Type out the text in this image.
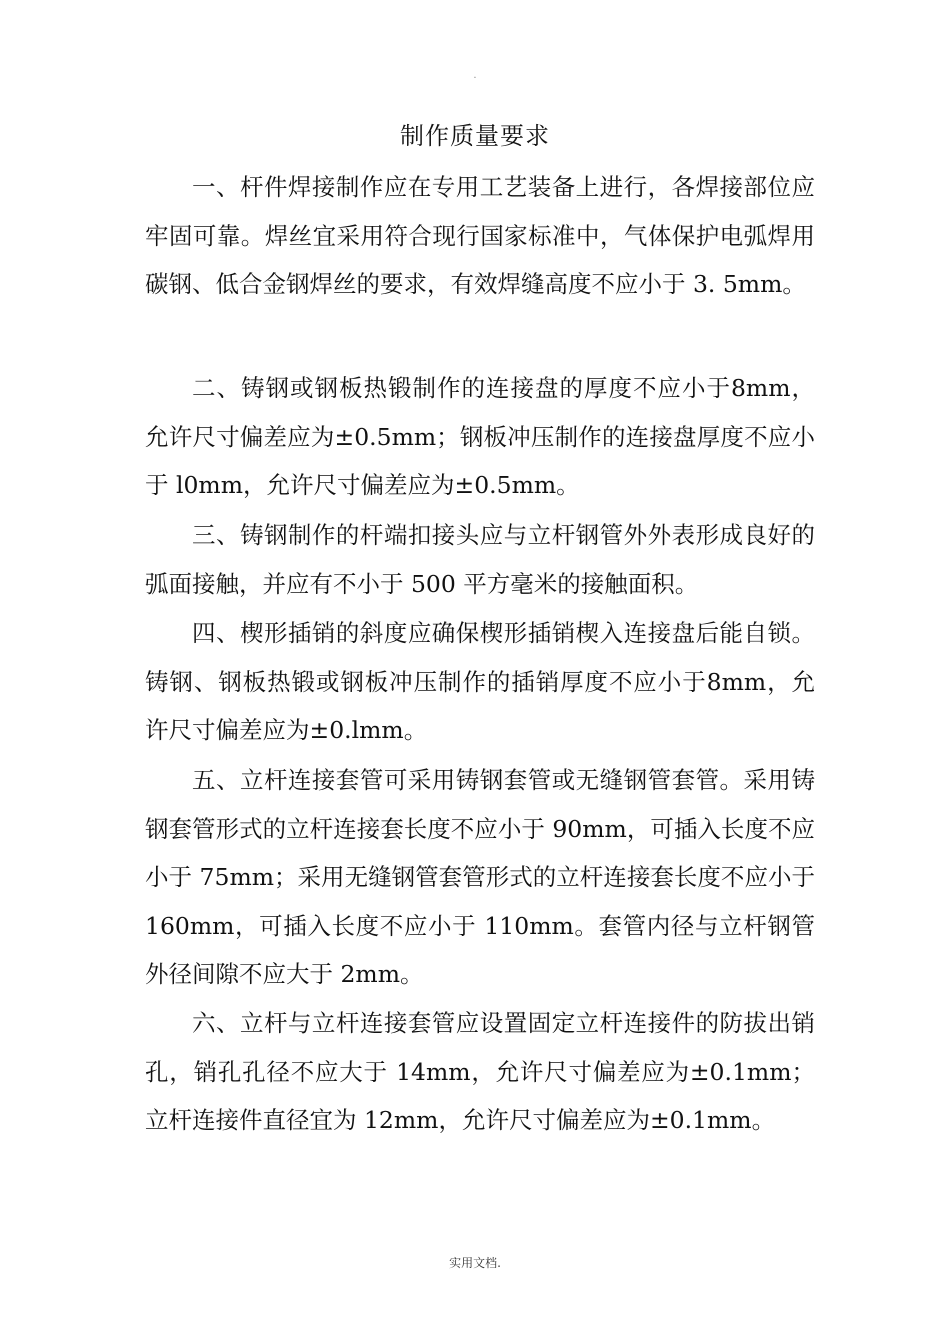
.
制作质量要求

一、杆件焊接制作应在专用工艺装备上进行，各焊接部位应牢固可靠。焊丝宜采用符合现行国家标准中，气体保护电弧焊用碳钢、低合金钢焊丝的要求，有效焊缝高度不应小于 3. 5mm。

二、铸钢或钢板热锻制作的连接盘的厚度不应小于8mm，允许尺寸偏差应为±0.5mm；钢板冲压制作的连接盘厚度不应小于 l0mm，允许尺寸偏差应为±0.5mm。

三、铸钢制作的杆端扣接头应与立杆钢管外外表形成良好的弧面接触，并应有不小于 500 平方毫米的接触面积。

四、楔形插销的斜度应确保楔形插销楔入连接盘后能自锁。铸钢、钢板热锻或钢板冲压制作的插销厚度不应小于8mm，允许尺寸偏差应为±0.lmm。

五、立杆连接套管可采用铸钢套管或无缝钢管套管。采用铸钢套管形式的立杆连接套长度不应小于 90mm，可插入长度不应小于 75mm；采用无缝钢管套管形式的立杆连接套长度不应小于 160mm，可插入长度不应小于 110mm。套管内径与立杆钢管外径间隙不应大于 2mm。

六、立杆与立杆连接套管应设置固定立杆连接件的防拔出销孔，销孔孔径不应大于 14mm，允许尺寸偏差应为±0.1mm；立杆连接件直径宜为 12mm，允许尺寸偏差应为±0.1mm。

实用文档.
